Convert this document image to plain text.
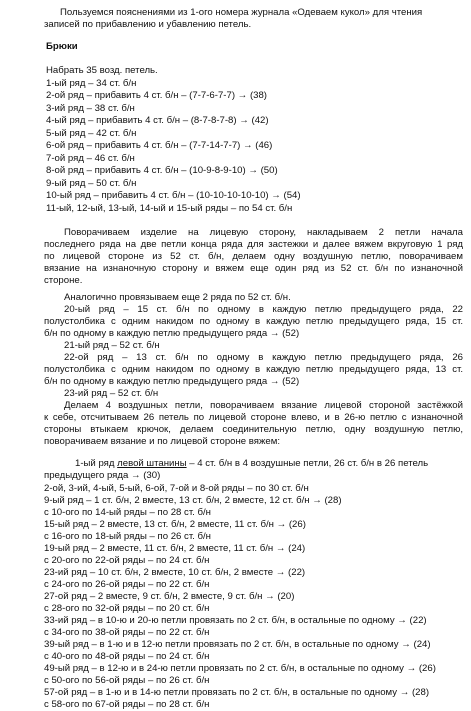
Пользуемся пояснениями из 1-ого номера журнала «Одеваем кукол» для чтения
записей по прибавлению и убавлению петель.
Брюки
Набрать 35 возд. петель.
1-ый ряд – 34 ст. б/н
2-ой ряд – прибавить 4 ст. б/н – (7-7-6-7-7) → (38)
3-ий ряд – 38 ст. б/н
4-ый ряд – прибавить 4 ст. б/н – (8-7-8-7-8) → (42)
5-ый ряд – 42 ст. б/н
6-ой ряд – прибавить 4 ст. б/н – (7-7-14-7-7) → (46)
7-ой ряд – 46 ст. б/н
8-ой ряд – прибавить 4 ст. б/н – (10-9-8-9-10) → (50)
9-ый ряд – 50 ст. б/н
10-ый ряд – прибавить 4 ст. б/н – (10-10-10-10-10) → (54)
11-ый, 12-ый, 13-ый, 14-ый и 15-ый ряды – по 54 ст. б/н
Поворачиваем изделие на лицевую сторону, накладываем 2 петли начала
последнего ряда на две петли конца ряда для застежки и далее вяжем вкруговую 1 ряд
по лицевой стороне из 52 ст. б/н, делаем одну воздушную петлю, поворачиваем
вязание на изнаночную сторону и вяжем еще один ряд из 52 ст. б/н по изнаночной
стороне.
Аналогично провязываем еще 2 ряда по 52 ст. б/н.
20-ый ряд – 15 ст. б/н по одному в каждую петлю предыдущего ряда, 22
полустолбика с одним накидом по одному в каждую петлю предыдущего ряда, 15 ст.
б/н по одному в каждую петлю предыдущего ряда → (52)
21-ый ряд – 52 ст. б/н
22-ой ряд – 13 ст. б/н по одному в каждую петлю предыдущего ряда, 26
полустолбика с одним накидом по одному в каждую петлю предыдущего ряда, 13 ст.
б/н по одному в каждую петлю предыдущего ряда → (52)
23-ий ряд – 52 ст. б/н
Делаем 4 воздушных петли, поворачиваем вязание лицевой стороной застёжкой
к себе, отсчитываем 26 петель по лицевой стороне влево, и в 26-ю петлю с изнаночной
стороны втыкаем крючок, делаем соединительную петлю, одну воздушную петлю,
поворачиваем вязание и по лицевой стороне вяжем:
1-ый ряд левой штанины – 4 ст. б/н в 4 воздушные петли, 26 ст. б/н в 26 петель
предыдущего ряда → (30)
2-ой, 3-ий, 4-ый, 5-ый, 6-ой, 7-ой и 8-ой ряды – по 30 ст. б/н
9-ый ряд – 1 ст. б/н, 2 вместе, 13 ст. б/н, 2 вместе, 12 ст. б/н → (28)
с 10-ого по 14-ый ряды – по 28 ст. б/н
15-ый ряд – 2 вместе, 13 ст. б/н, 2 вместе, 11 ст. б/н → (26)
с 16-ого по 18-ый ряды – по 26 ст. б/н
19-ый ряд – 2 вместе, 11 ст. б/н, 2 вместе, 11 ст. б/н → (24)
с 20-ого по 22-ой ряды – по 24 ст. б/н
23-ий ряд – 10 ст. б/н, 2 вместе, 10 ст. б/н, 2 вместе → (22)
с 24-ого по 26-ой ряды – по 22 ст. б/н
27-ой ряд – 2 вместе, 9 ст. б/н, 2 вместе, 9 ст. б/н → (20)
с 28-ого по 32-ой ряды – по 20 ст. б/н
33-ий ряд – в 10-ю и 20-ю петли провязать по 2 ст. б/н, в остальные по одному → (22)
с 34-ого по 38-ой ряды – по 22 ст. б/н
39-ый ряд – в 1-ю и в 12-ю петли провязать по 2 ст. б/н, в остальные по одному → (24)
с 40-ого по 48-ой ряды – по 24 ст. б/н
49-ый ряд – в 12-ю и в 24-ю петли провязать по 2 ст. б/н, в остальные по одному → (26)
с 50-ого по 56-ой ряды – по 26 ст. б/н
57-ой ряд – в 1-ю и в 14-ю петли провязать по 2 ст. б/н, в остальные по одному → (28)
с 58-ого по 67-ой ряды – по 28 ст. б/н
